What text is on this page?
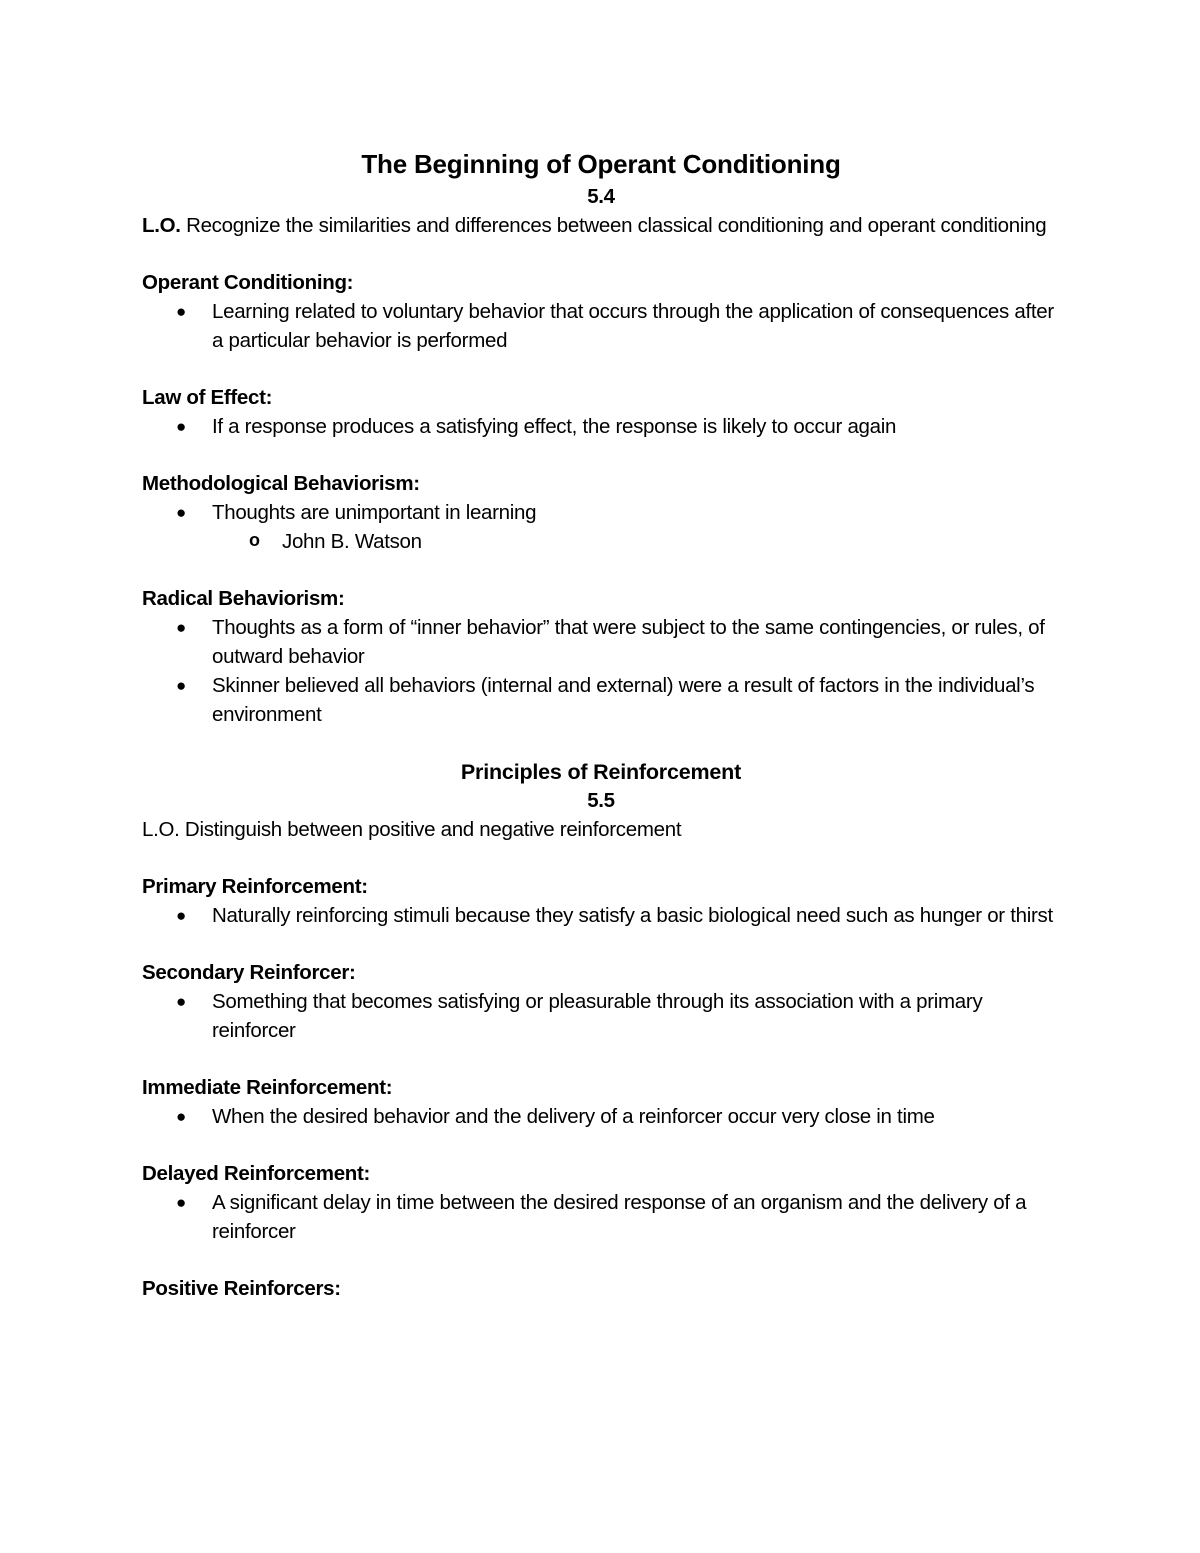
The Beginning of Operant Conditioning
5.4
L.O. Recognize the similarities and differences between classical conditioning and operant conditioning
Operant Conditioning:
● Learning related to voluntary behavior that occurs through the application of consequences after a particular behavior is performed
Law of Effect:
● If a response produces a satisfying effect, the response is likely to occur again
Methodological Behaviorism:
● Thoughts are unimportant in learning
o John B. Watson
Radical Behaviorism:
● Thoughts as a form of “inner behavior” that were subject to the same contingencies, or rules, of outward behavior
● Skinner believed all behaviors (internal and external) were a result of factors in the individual’s environment
Principles of Reinforcement
5.5
L.O. Distinguish between positive and negative reinforcement
Primary Reinforcement:
● Naturally reinforcing stimuli because they satisfy a basic biological need such as hunger or thirst
Secondary Reinforcer:
● Something that becomes satisfying or pleasurable through its association with a primary reinforcer
Immediate Reinforcement:
● When the desired behavior and the delivery of a reinforcer occur very close in time
Delayed Reinforcement:
● A significant delay in time between the desired response of an organism and the delivery of a reinforcer
Positive Reinforcers:
